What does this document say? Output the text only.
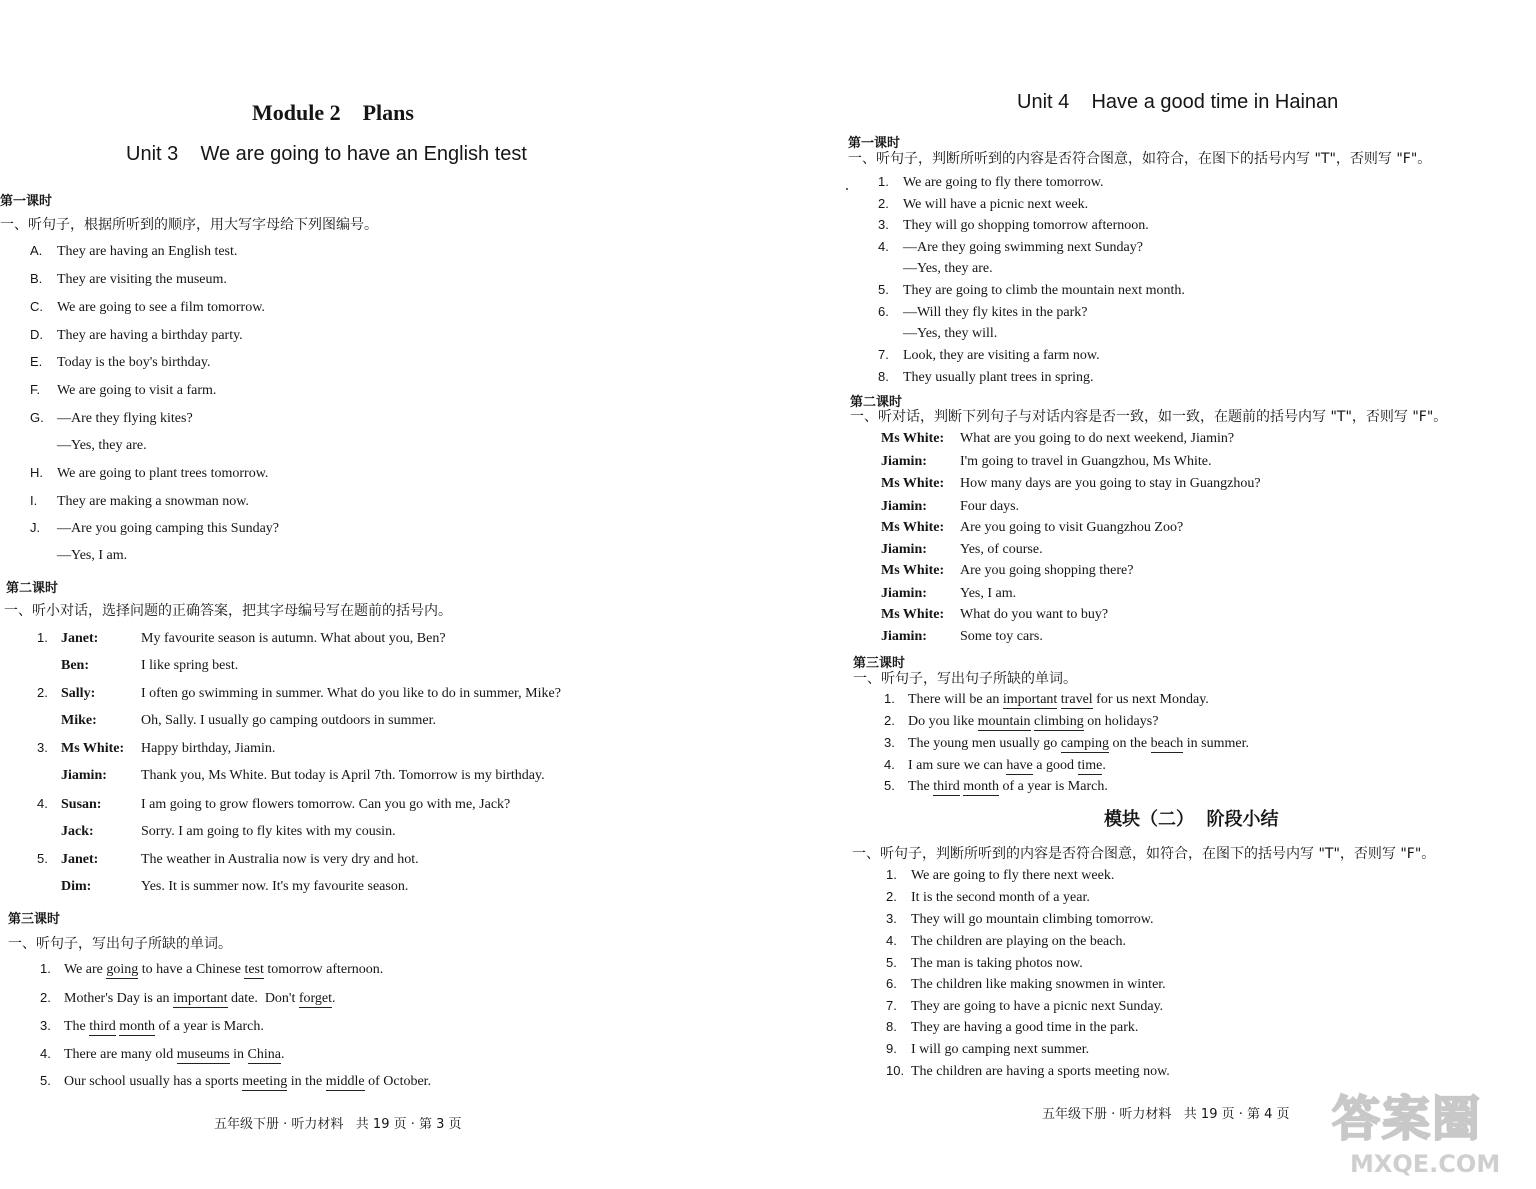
Module 2    Plans
Unit 3    We are going to have an English test
第一课时
一、听句子，根据所听到的顺序，用大写字母给下列图编号。
A. They are having an English test.
B. They are visiting the museum.
C. We are going to see a film tomorrow.
D. They are having a birthday party.
E. Today is the boy's birthday.
F. We are going to visit a farm.
G. —Are they flying kites?
—Yes, they are.
H. We are going to plant trees tomorrow.
I. They are making a snowman now.
J. —Are you going camping this Sunday?
—Yes, I am.
第二课时
一、听小对话，选择问题的正确答案，把其字母编号写在题前的括号内。
1. Janet:	My favourite season is autumn. What about you, Ben?
Ben:	I like spring best.
2. Sally:	I often go swimming in summer. What do you like to do in summer, Mike?
Mike:	Oh, Sally. I usually go camping outdoors in summer.
3. Ms White: Happy birthday, Jiamin.
Jiamin: Thank you, Ms White. But today is April 7th. Tomorrow is my birthday.
4. Susan:	I am going to grow flowers tomorrow. Can you go with me, Jack?
Jack:	Sorry. I am going to fly kites with my cousin.
5. Janet:	The weather in Australia now is very dry and hot.
Dim:	Yes. It is summer now. It's my favourite season.
第三课时
一、听句子，写出句子所缺的单词。
1. We are going to have a Chinese test tomorrow afternoon.
2. Mother's Day is an important date.  Don't forget.
3. The third month of a year is March.
4. There are many old museums in China.
5. Our school usually has a sports meeting in the middle of October.
五年级下册 · 听力材料   共 19 页 · 第 3 页
Unit 4    Have a good time in Hainan
第一课时
一、听句子，判断所听到的内容是否符合图意，如符合，在图下的括号内写 "T"，否则写 "F"。
1. We are going to fly there tomorrow.
2. We will have a picnic next week.
3. They will go shopping tomorrow afternoon.
4. —Are they going swimming next Sunday?
—Yes, they are.
5. They are going to climb the mountain next month.
6. —Will they fly kites in the park?
—Yes, they will.
7. Look, they are visiting a farm now.
8. They usually plant trees in spring.
第二课时
一、听对话，判断下列句子与对话内容是否一致，如一致，在题前的括号内写 "T"，否则写 "F"。
Ms White: What are you going to do next weekend, Jiamin?
Jiamin: I'm going to travel in Guangzhou, Ms White.
Ms White: How many days are you going to stay in Guangzhou?
Jiamin: Four days.
Ms White: Are you going to visit Guangzhou Zoo?
Jiamin: Yes, of course.
Ms White: Are you going shopping there?
Jiamin: Yes, I am.
Ms White: What do you want to buy?
Jiamin: Some toy cars.
第三课时
一、听句子，写出句子所缺的单词。
1. There will be an important travel for us next Monday.
2. Do you like mountain climbing on holidays?
3. The young men usually go camping on the beach in summer.
4. I am sure we can have a good time.
5. The third month of a year is March.
模块（二）  阶段小结
一、听句子，判断所听到的内容是否符合图意，如符合，在图下的括号内写 "T"，否则写 "F"。
1. We are going to fly there next week.
2. It is the second month of a year.
3. They will go mountain climbing tomorrow.
4. The children are playing on the beach.
5. The man is taking photos now.
6. The children like making snowmen in winter.
7. They are going to have a picnic next Sunday.
8. They are having a good time in the park.
9. I will go camping next summer.
10. The children are having a sports meeting now.
五年级下册 · 听力材料   共 19 页 · 第 4 页 答案圈
MXQE.COM
